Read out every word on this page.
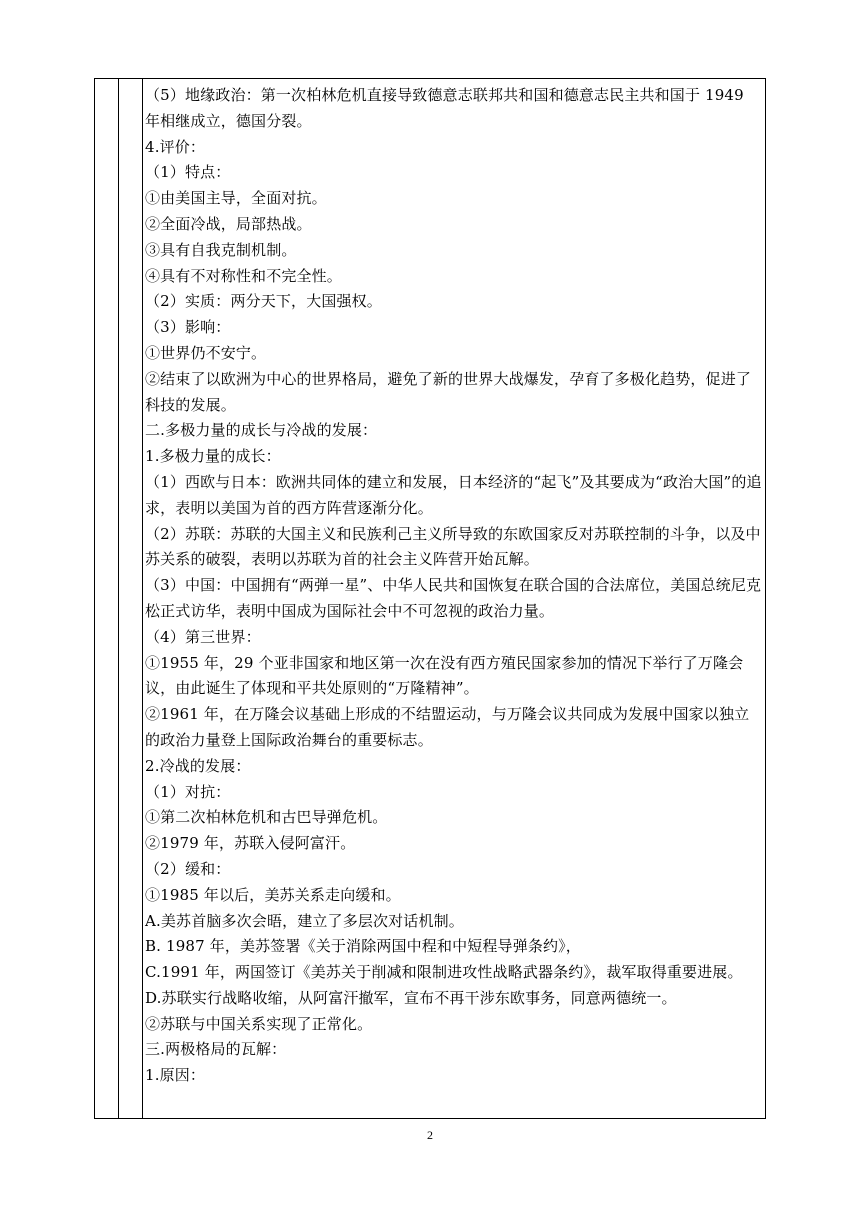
（5）地缘政治：第一次柏林危机直接导致德意志联邦共和国和德意志民主共和国于 1949 年相继成立，德国分裂。

4.评价：

（1）特点：

①由美国主导，全面对抗。

②全面冷战，局部热战。

③具有自我克制机制。

④具有不对称性和不完全性。

（2）实质：两分天下，大国强权。

（3）影响：

①世界仍不安宁。

②结束了以欧洲为中心的世界格局，避免了新的世界大战爆发，孕育了多极化趋势，促进了科技的发展。

二.多极力量的成长与冷战的发展：

1.多极力量的成长：

（1）西欧与日本：欧洲共同体的建立和发展，日本经济的“起飞”及其要成为“政治大国”的追求，表明以美国为首的西方阵营逐渐分化。

（2）苏联：苏联的大国主义和民族利己主义所导致的东欧国家反对苏联控制的斗争，以及中苏关系的破裂，表明以苏联为首的社会主义阵营开始瓦解。

（3）中国：中国拥有“两弹一星”、中华人民共和国恢复在联合国的合法席位，美国总统尼克松正式访华，表明中国成为国际社会中不可忽视的政治力量。

（4）第三世界：

①1955 年，29 个亚非国家和地区第一次在没有西方殖民国家参加的情况下举行了万隆会议，由此诞生了体现和平共处原则的“万隆精神”。

②1961 年，在万隆会议基础上形成的不结盟运动，与万隆会议共同成为发展中国家以独立的政治力量登上国际政治舞台的重要标志。

2.冷战的发展：

（1）对抗：

①第二次柏林危机和古巴导弹危机。

②1979 年，苏联入侵阿富汗。

（2）缓和：

①1985 年以后，美苏关系走向缓和。

A.美苏首脑多次会晤，建立了多层次对话机制。

B. 1987 年，美苏签署《关于消除两国中程和中短程导弹条约》，

C.1991 年，两国签订《美苏关于削减和限制进攻性战略武器条约》，裁军取得重要进展。

D.苏联实行战略收缩，从阿富汗撤军，宣布不再干涉东欧事务，同意两德统一。

②苏联与中国关系实现了正常化。

三.两极格局的瓦解：

1.原因：

2
